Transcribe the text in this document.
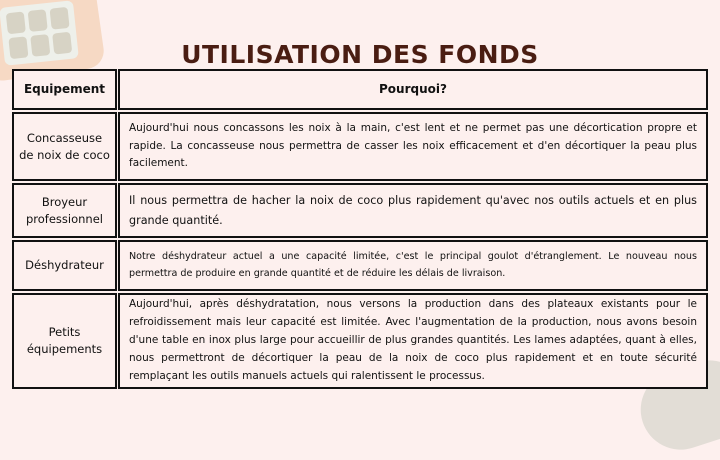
UTILISATION DES FONDS
Equipement	Pourquoi?
Concasseuse de noix de coco
Aujourd'hui nous concassons les noix à la main, c'est lent et ne permet pas une décortication propre et rapide. La concasseuse nous permettra de casser les noix efficacement et d'en décortiquer la peau plus facilement.
Broyeur professionnel
Il nous permettra de hacher la noix de coco plus rapidement qu'avec nos outils actuels et en plus grande quantité.
Déshydrateur
Notre déshydrateur actuel a une capacité limitée, c'est le principal goulot d'étranglement. Le nouveau nous permettra de produire en grande quantité et de réduire les délais de livraison.
Petits équipements
Aujourd'hui, après déshydratation, nous versons la production dans des plateaux existants pour le refroidissement mais leur capacité est limitée. Avec l'augmentation de la production, nous avons besoin d'une table en inox plus large pour accueillir de plus grandes quantités. Les lames adaptées, quant à elles, nous permettront de décortiquer la peau de la noix de coco plus rapidement et en toute sécurité remplaçant les outils manuels actuels qui ralentissent le processus.
